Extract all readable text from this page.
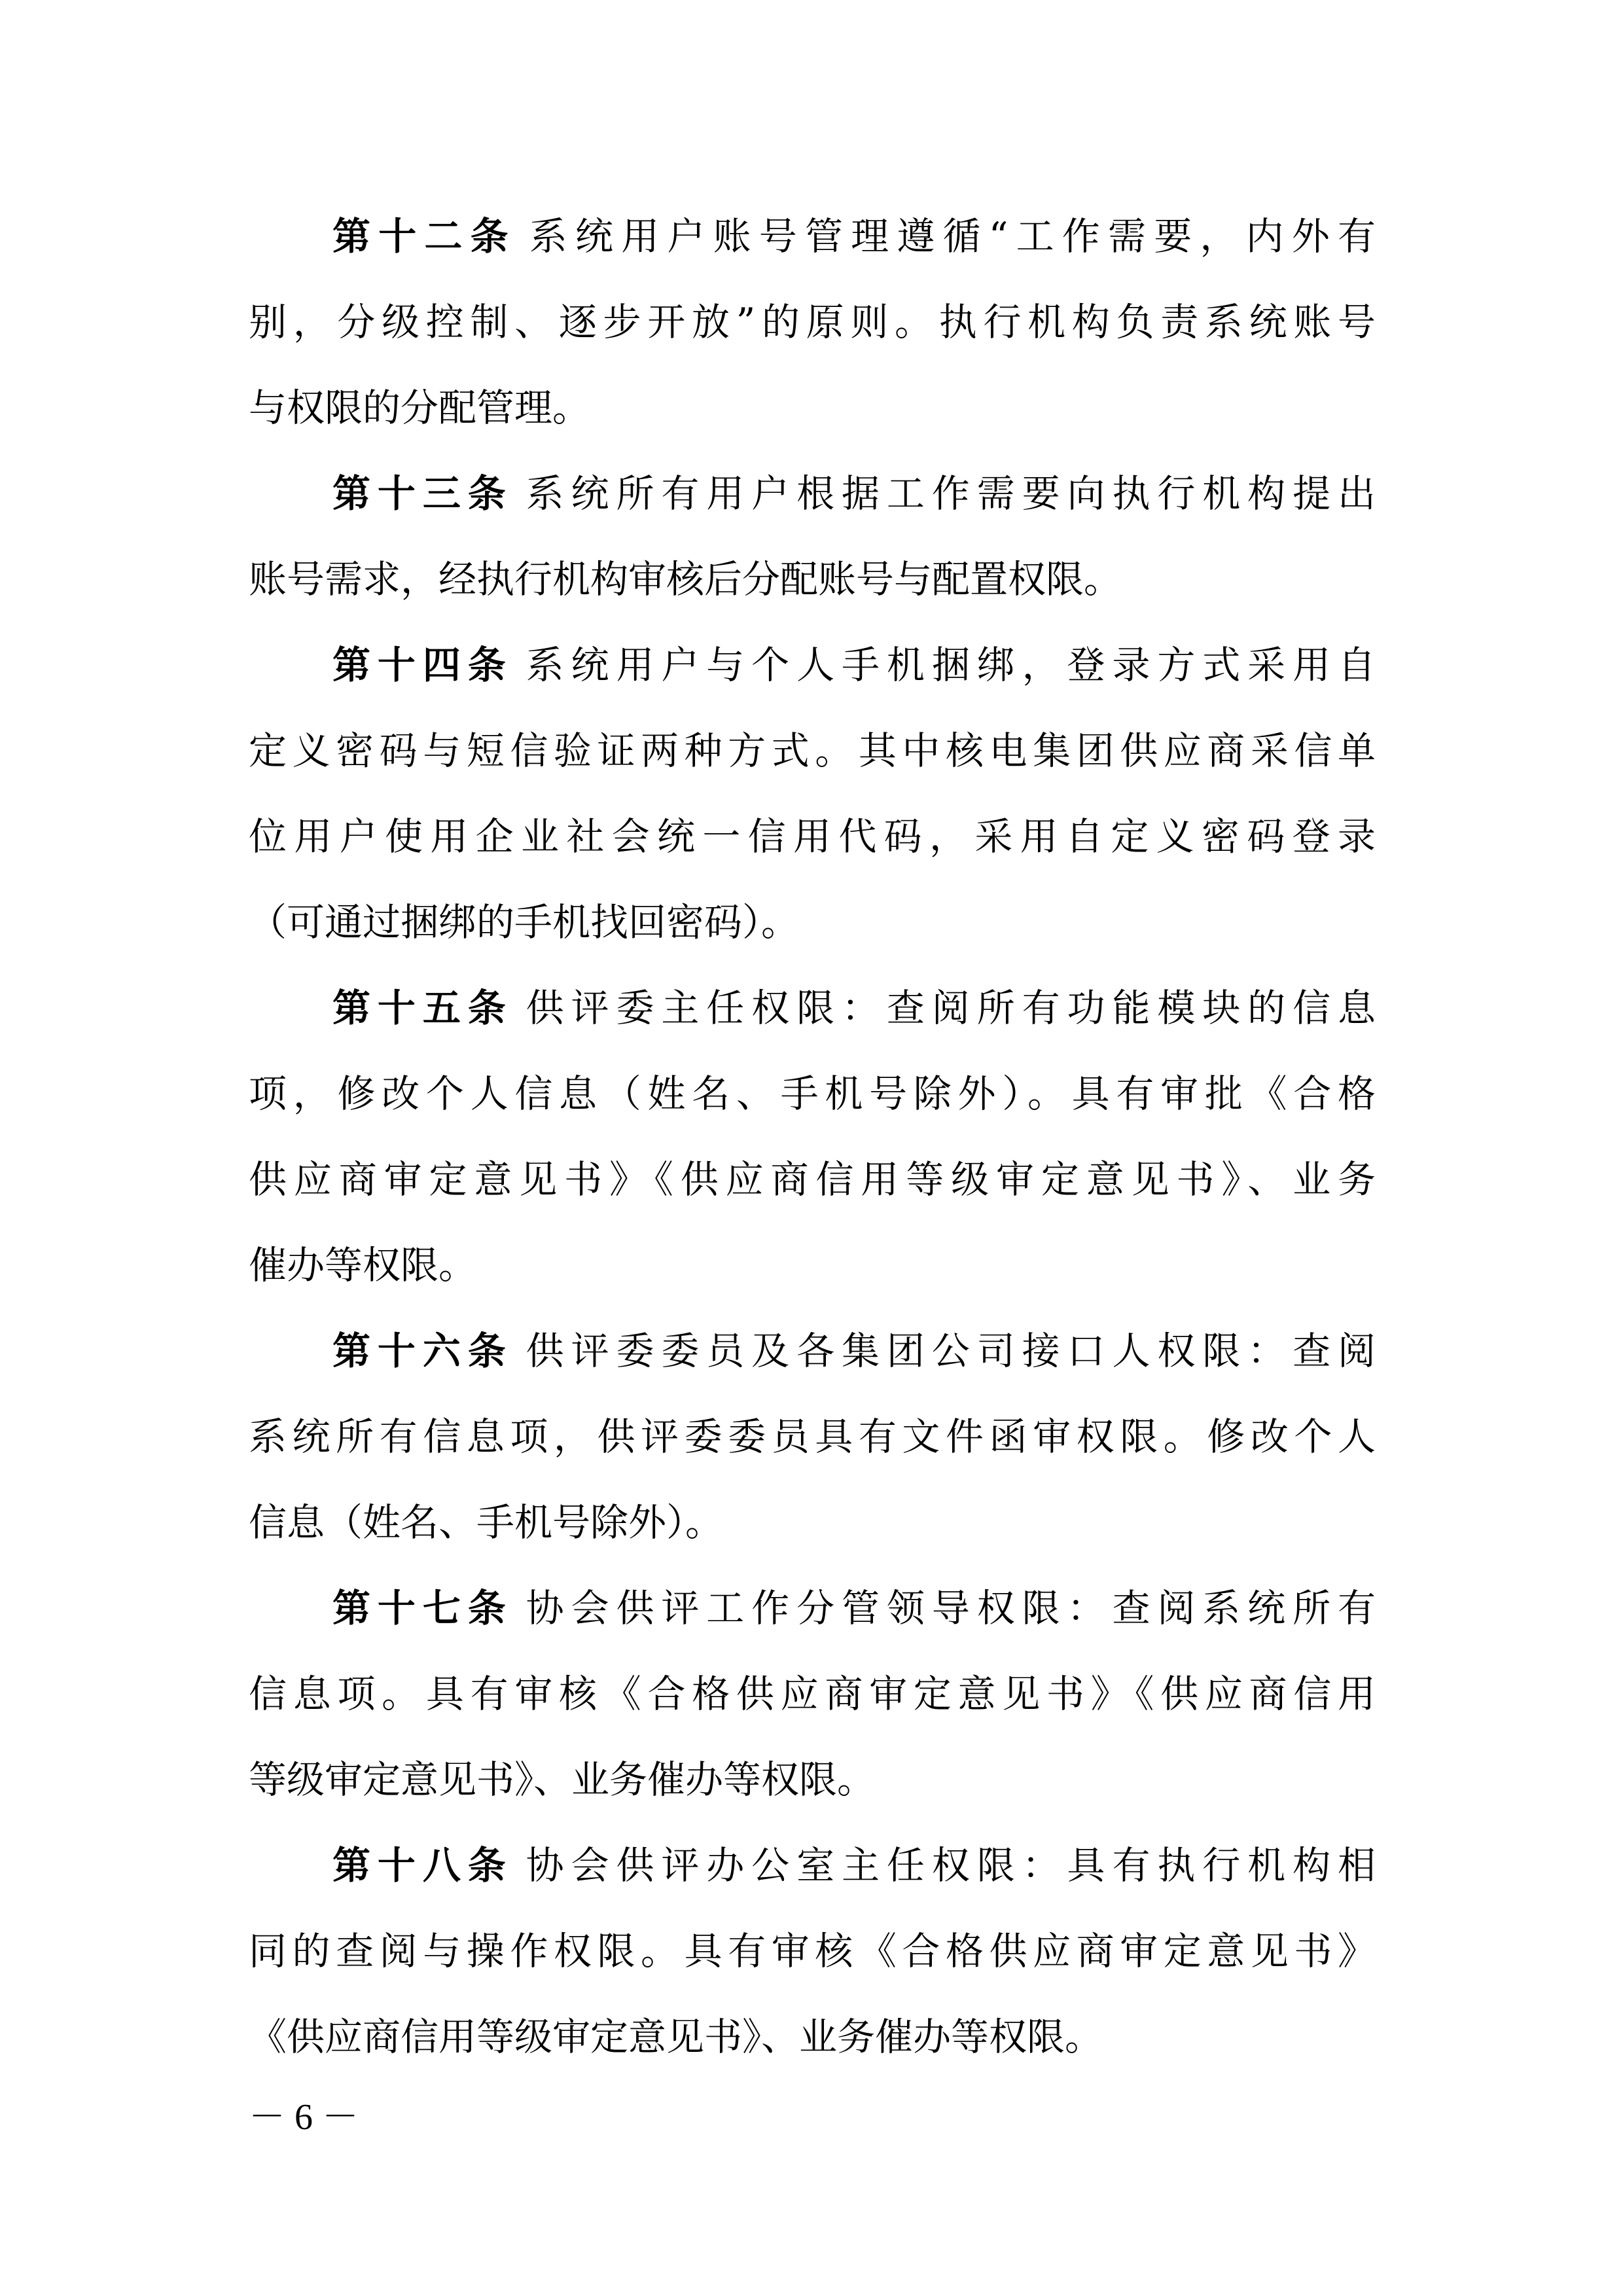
第十二条 系统用户账号管理遵循“工作需要，内外有
别，分级控制、逐步开放”的原则。执行机构负责系统账号
与权限的分配管理。
第十三条 系统所有用户根据工作需要向执行机构提出
账号需求，经执行机构审核后分配账号与配置权限。
第十四条 系统用户与个人手机捆绑，登录方式采用自
定义密码与短信验证两种方式。其中核电集团供应商采信单
位用户使用企业社会统一信用代码，采用自定义密码登录
（可通过捆绑的手机找回密码）。
第十五条 供评委主任权限：查阅所有功能模块的信息
项，修改个人信息（姓名、手机号除外）。具有审批《合格
供应商审定意见书》《供应商信用等级审定意见书》、业务
催办等权限。
第十六条 供评委委员及各集团公司接口人权限：查阅
系统所有信息项，供评委委员具有文件函审权限。修改个人
信息（姓名、手机号除外）。
第十七条 协会供评工作分管领导权限：查阅系统所有
信息项。具有审核《合格供应商审定意见书》《供应商信用
等级审定意见书》、业务催办等权限。
第十八条 协会供评办公室主任权限：具有执行机构相
同的查阅与操作权限。具有审核《合格供应商审定意见书》
《供应商信用等级审定意见书》、业务催办等权限。
－ 6 －
